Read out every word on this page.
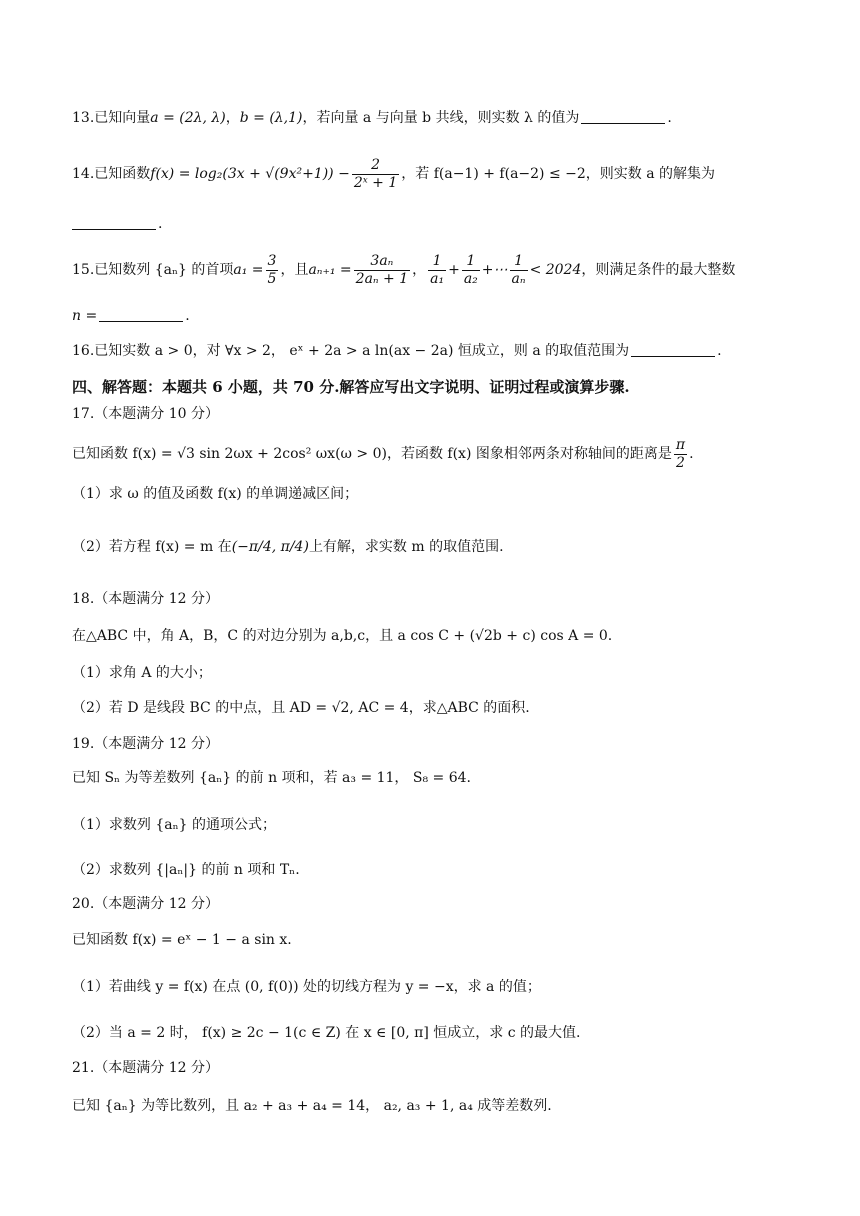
13.已知向量a = (2λ, λ)，b = (λ,1)，若向量 a 与向量 b 共线，则实数 λ 的值为	.
14.已知函数$f(x) = \log_2(3x + √(9x^2+1)) - \frac{2}{\text{2ˣ + 1}}$ ，若 f(a−1) + f(a−2) ≤ −2，则实数 a 的解集为
.
15.已知数列 {aₙ} 的首项$a_1 = \frac{3}{5}$ ，且$a_{n+1} = \frac{\text{3aₙ}}{\text{2aₙ + 1}}$ ， $\frac{1}{\text{a₁}} + \frac{1}{\text{a₂}}$ +⋯ $\frac{1}{\text{aₙ}} < 2024$，则满足条件的最大整数
n =	.
16.已知实数 a > 0，对 ∀x > 2， eˣ + 2a > a ln(ax − 2a) 恒成立，则 a 的取值范围为	.
四、解答题：本题共 6 小题，共 70 分.解答应写出文字说明、证明过程或演算步骤.
17.（本题满分 10 分）
已知函数 f(x) = √3 sin 2ωx + 2cos² ωx(ω > 0)，若函数 f(x) 图象相邻两条对称轴间的距离是 $\frac{\pi}{2}$ .
（1）求 ω 的值及函数 f(x) 的单调递减区间；
（2）若方程 f(x) = m 在(−π/4, π/4)上有解，求实数 m 的取值范围.
18.（本题满分 12 分）
在△ABC 中，角 A，B，C 的对边分别为 a,b,c，且 a cos C + (√2b + c) cos A = 0.
（1）求角 A 的大小；
（2）若 D 是线段 BC 的中点，且 AD = √2, AC = 4，求△ABC 的面积.
19.（本题满分 12 分）
已知 Sₙ 为等差数列 {aₙ} 的前 n 项和，若 a₃ = 11， S₈ = 64.
（1）求数列 {aₙ} 的通项公式；
（2）求数列 {|aₙ|} 的前 n 项和 Tₙ.
20.（本题满分 12 分）
已知函数 f(x) = eˣ − 1 − a sin x.
（1）若曲线 y = f(x) 在点 (0, f(0)) 处的切线方程为 y = −x，求 a 的值；
（2）当 a = 2 时， f(x) ≥ 2c − 1(c ∈ Z) 在 x ∈ [0, π] 恒成立，求 c 的最大值.
21.（本题满分 12 分）
已知 {aₙ} 为等比数列，且 a₂ + a₃ + a₄ = 14， a₂, a₃ + 1, a₄ 成等差数列.
